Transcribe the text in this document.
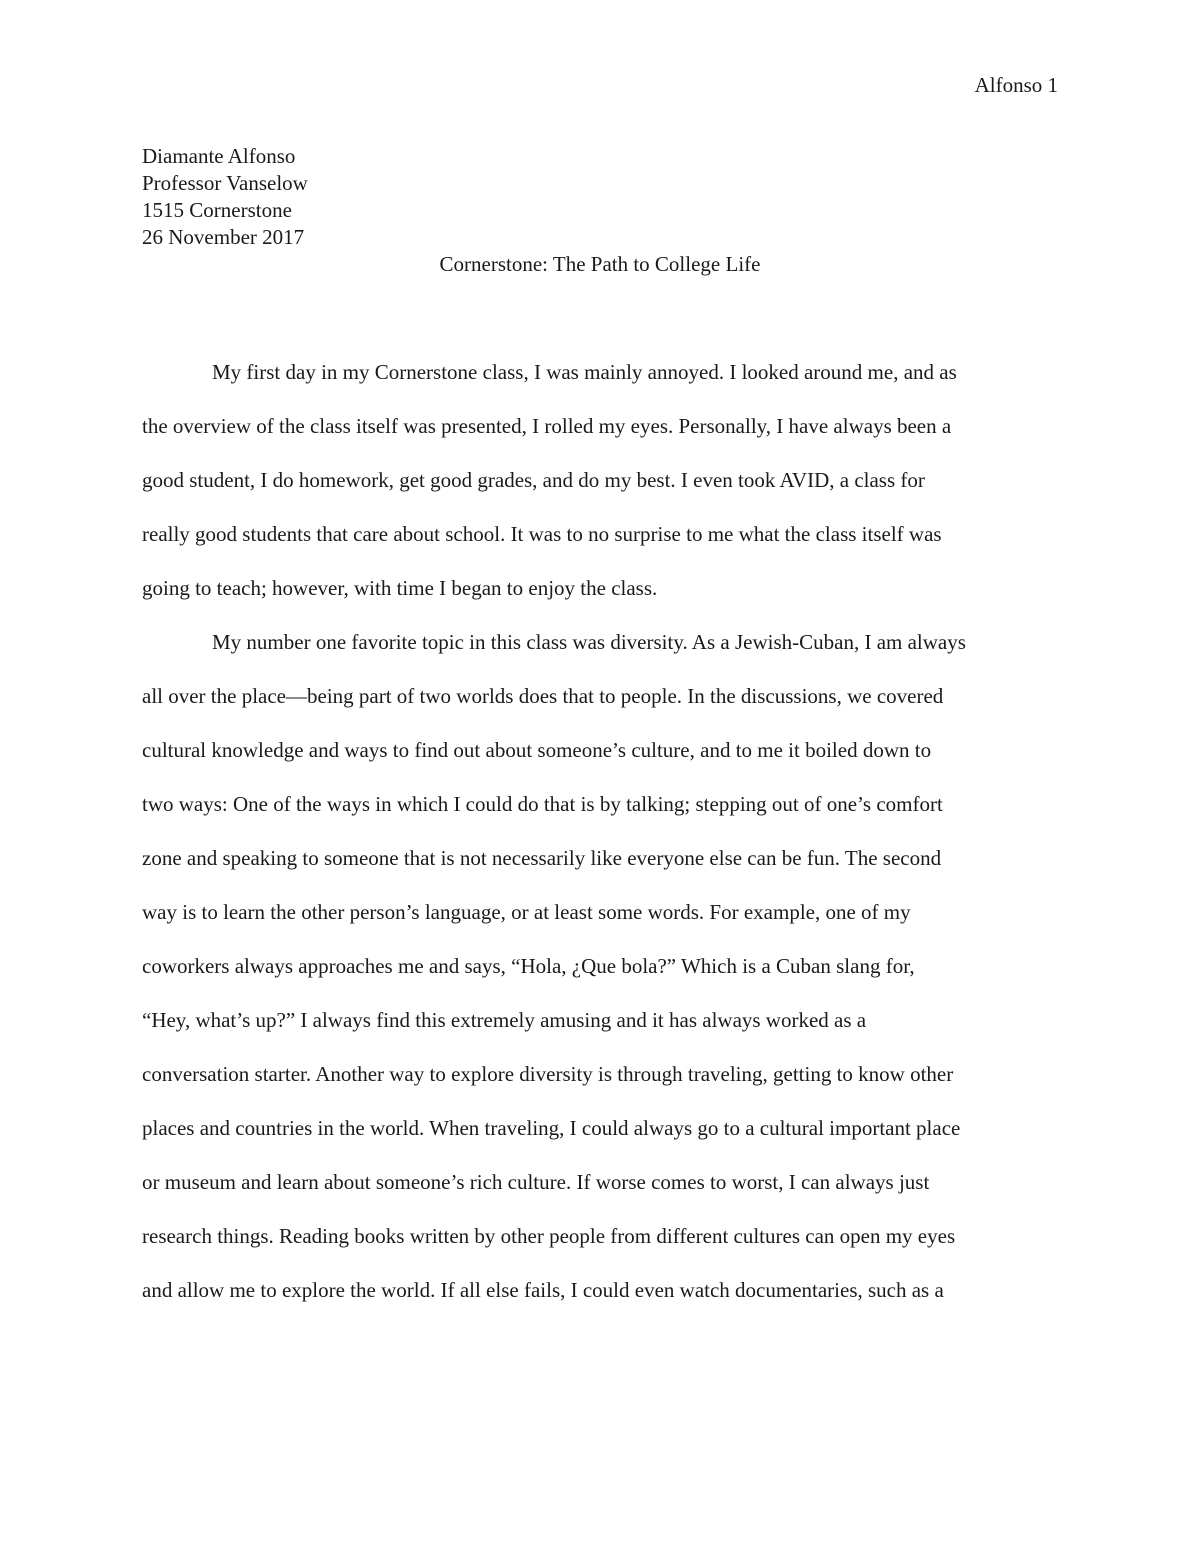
Alfonso 1
Diamante Alfonso
Professor Vanselow
1515 Cornerstone
26 November 2017
Cornerstone: The Path to College Life
My first day in my Cornerstone class, I was mainly annoyed. I looked around me, and as
the overview of the class itself was presented, I rolled my eyes. Personally, I have always been a
good student, I do homework, get good grades, and do my best. I even took AVID, a class for
really good students that care about school. It was to no surprise to me what the class itself was
going to teach; however, with time I began to enjoy the class.
My number one favorite topic in this class was diversity. As a Jewish-Cuban, I am always
all over the place—being part of two worlds does that to people. In the discussions, we covered
cultural knowledge and ways to find out about someone’s culture, and to me it boiled down to
two ways: One of the ways in which I could do that is by talking; stepping out of one’s comfort
zone and speaking to someone that is not necessarily like everyone else can be fun. The second
way is to learn the other person’s language, or at least some words. For example, one of my
coworkers always approaches me and says, “Hola, ¿Que bola?” Which is a Cuban slang for,
“Hey, what’s up?” I always find this extremely amusing and it has always worked as a
conversation starter. Another way to explore diversity is through traveling, getting to know other
places and countries in the world. When traveling, I could always go to a cultural important place
or museum and learn about someone’s rich culture. If worse comes to worst, I can always just
research things. Reading books written by other people from different cultures can open my eyes
and allow me to explore the world. If all else fails, I could even watch documentaries, such as a
